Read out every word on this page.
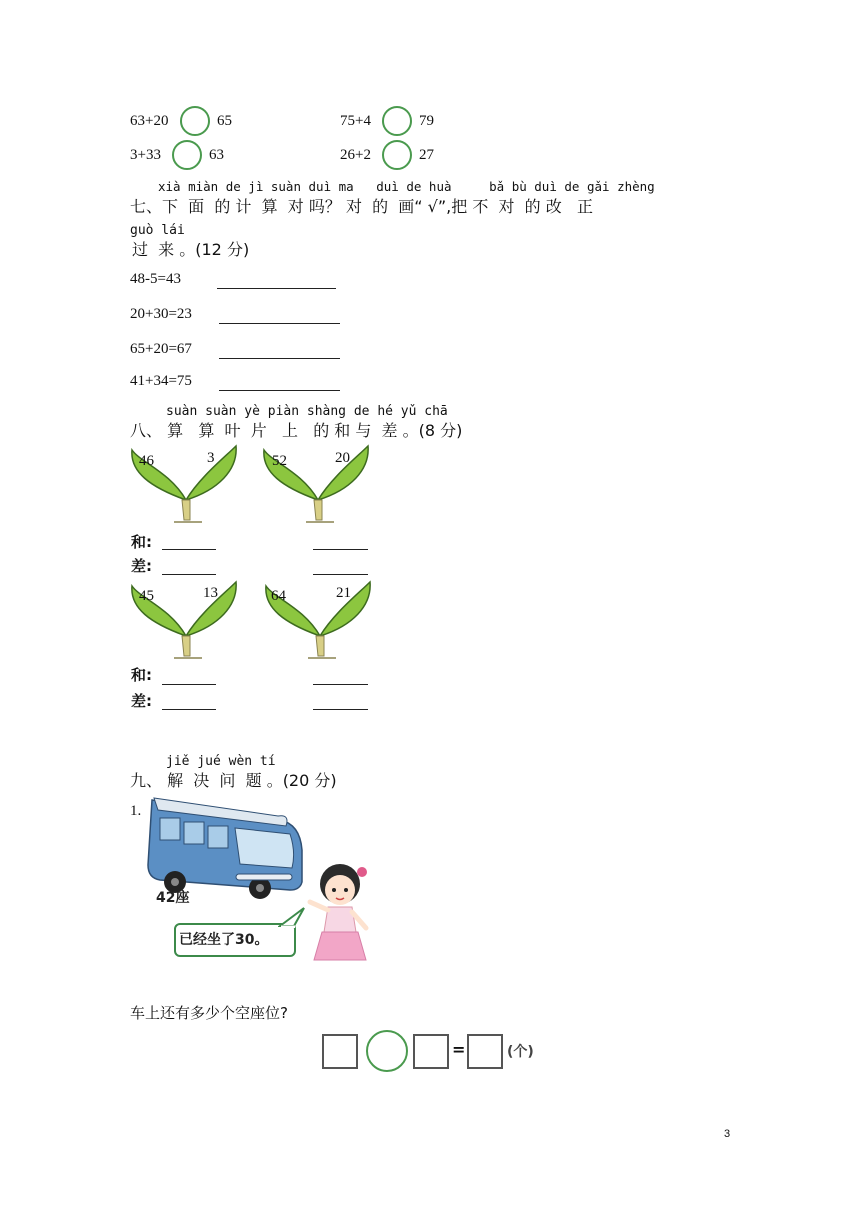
63+20	65	75+4	79
3+33	63	26+2	27
xià miàn de jì suàn duì ma   duì de huà     bǎ bù duì de gǎi zhèng
七、下  面  的 计  算  对 吗？ 对  的  画“ √”,把 不  对  的 改   正
guò lái
过  来 。(12 分)
48-5=43
20+30=23
65+20=67
41+34=75
suàn suàn yè piàn shàng de hé yǔ chā
八、 算   算  叶  片   上   的 和 与  差 。(8 分)
46	3	52	20
和:
差:
45	13	64	21
和:
差:
jiě jué wèn tí
九、 解  决  问  题 。(20 分)
1.
42座
已经坐了30。
车上还有多少个空座位?
=	(个)
3
